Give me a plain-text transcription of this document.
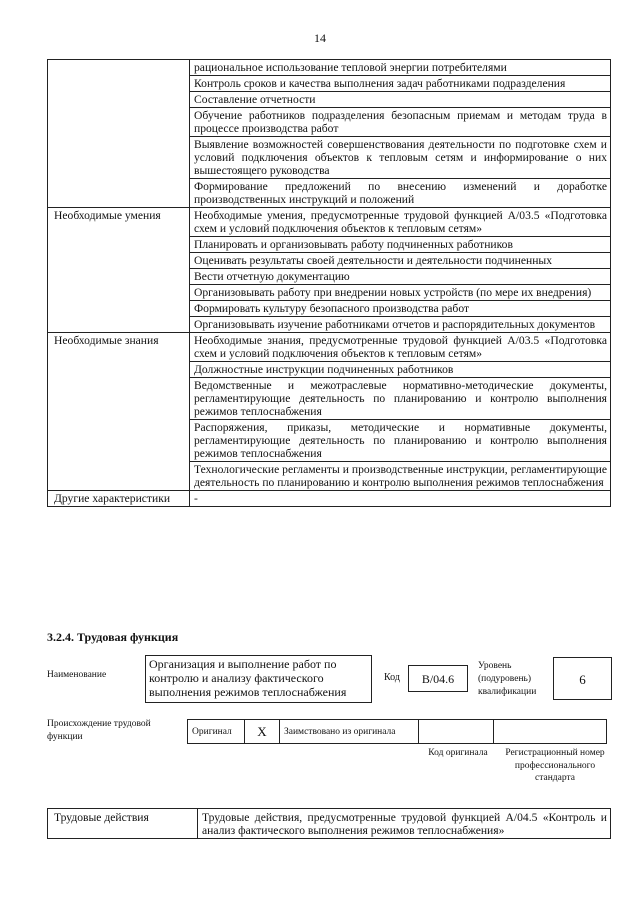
14
	рациональное использование тепловой энергии потребителями
	Контроль сроков и качества выполнения задач работниками подразделения
	Составление отчетности
	Обучение работников подразделения безопасным приемам и методам труда в процессе производства работ
	Выявление возможностей совершенствования деятельности по подготовке схем и условий подключения объектов к тепловым сетям и информирование о них вышестоящего руководства
	Формирование предложений по внесению изменений и доработке производственных инструкций и положений
Необходимые умения	Необходимые умения, предусмотренные трудовой функцией А/03.5 «Подготовка схем и условий подключения объектов к тепловым сетям»
	Планировать и организовывать работу подчиненных работников
	Оценивать результаты своей деятельности и деятельности подчиненных
	Вести отчетную документацию
	Организовывать работу при внедрении новых устройств (по мере их внедрения)
	Формировать культуру безопасного производства работ
	Организовывать изучение работниками отчетов и распорядительных документов
Необходимые знания	Необходимые знания, предусмотренные трудовой функцией А/03.5 «Подготовка схем и условий подключения объектов к тепловым сетям»
	Должностные инструкции подчиненных работников
	Ведомственные и межотраслевые нормативно-методические документы, регламентирующие деятельность по планированию и контролю выполнения режимов теплоснабжения
	Распоряжения, приказы, методические и нормативные документы, регламентирующие деятельность по планированию и контролю выполнения режимов теплоснабжения
	Технологические регламенты и производственные инструкции, регламентирующие деятельность по планированию и контролю выполнения режимов теплоснабжения
Другие характеристики	-
3.2.4. Трудовая функция
Наименование
Организация и выполнение работ по контролю и анализу фактического выполнения режимов теплоснабжения
Код	В/04.6
Уровень (подуровень) квалификации
6
Происхождение трудовой функции
Оригинал	X	Заимствовано из оригинала		
Код оригинала Регистрационный номер профессионального стандарта
Трудовые действия	Трудовые действия, предусмотренные трудовой функцией А/04.5 «Контроль и анализ фактического выполнения режимов теплоснабжения»
